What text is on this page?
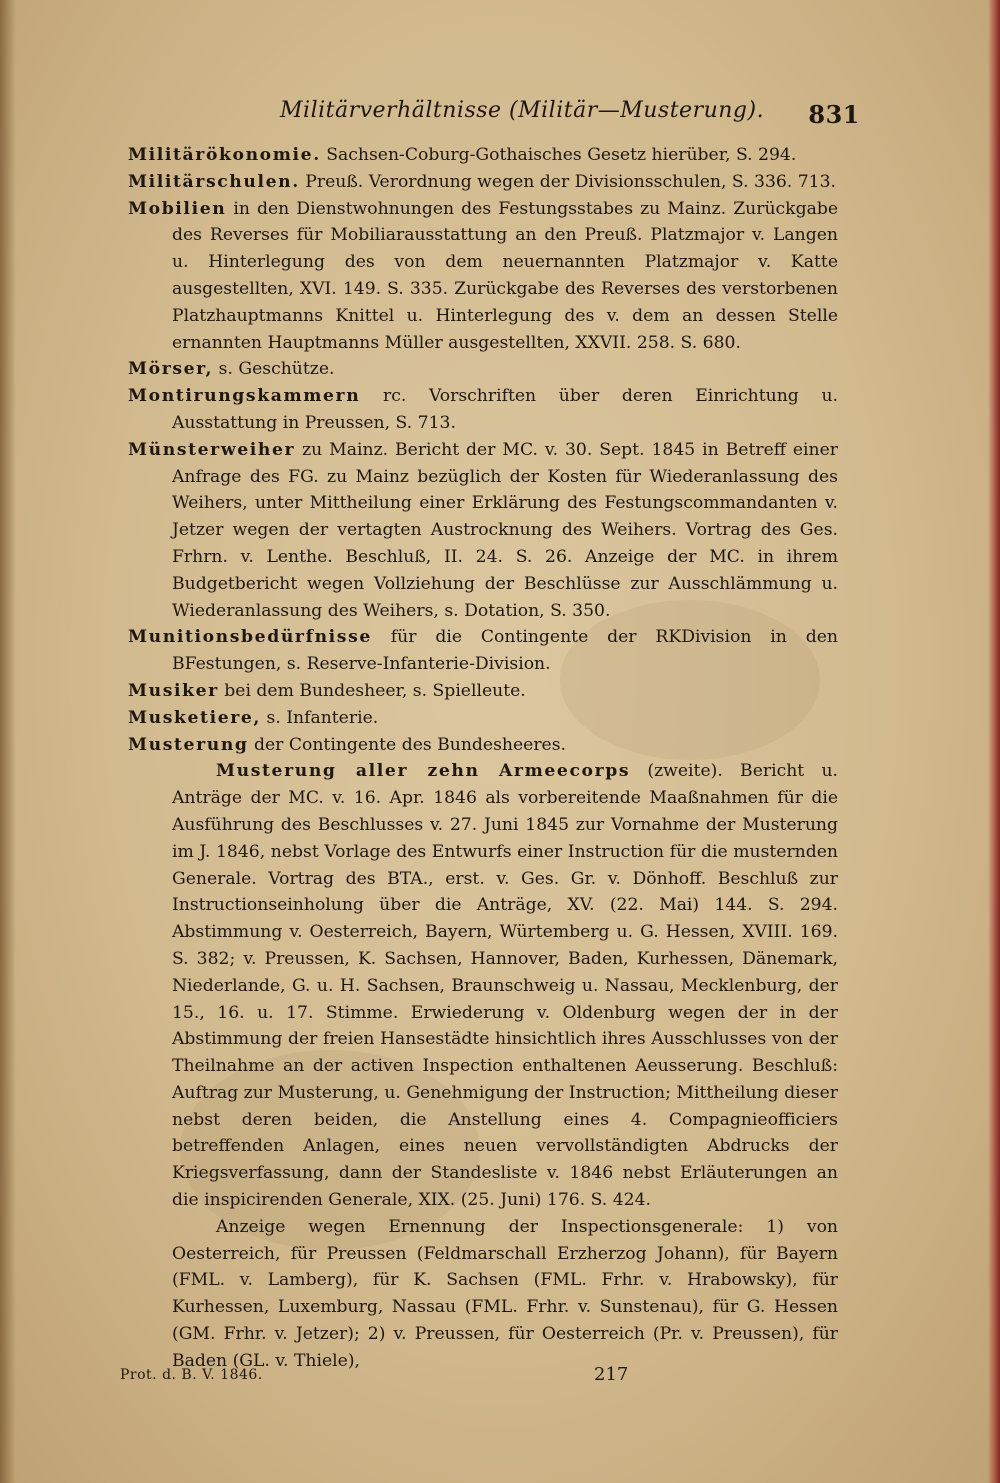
Militärverhältnisse (Militär—Musterung). 831

Militärökonomie. Sachsen-Coburg-Gothaisches Gesetz hierüber, S. 294.

Militärschulen. Preuß. Verordnung wegen der Divisionsschulen, S. 336. 713.

Mobilien in den Dienstwohnungen des Festungsstabes zu Mainz. Zurückgabe des Reverses für Mobiliarausstattung an den Preuß. Platzmajor v. Langen u. Hinterlegung des von dem neuernannten Platzmajor v. Katte ausgestellten, XVI. 149. S. 335. Zurückgabe des Reverses des verstorbenen Platzhauptmanns Knittel u. Hinterlegung des v. dem an dessen Stelle ernannten Hauptmanns Müller ausgestellten, XXVII. 258. S. 680.

Mörser, s. Geschütze.

Montirungskammern rc. Vorschriften über deren Einrichtung u. Ausstattung in Preussen, S. 713.

Münsterweiher zu Mainz. Bericht der MC. v. 30. Sept. 1845 in Betreff einer Anfrage des FG. zu Mainz bezüglich der Kosten für Wiederanlassung des Weihers, unter Mittheilung einer Erklärung des Festungscommandanten v. Jetzer wegen der vertagten Austrocknung des Weihers. Vortrag des Ges. Frhrn. v. Lenthe. Beschluß, II. 24. S. 26. Anzeige der MC. in ihrem Budgetbericht wegen Vollziehung der Beschlüsse zur Ausschlämmung u. Wiederanlassung des Weihers, s. Dotation, S. 350.

Munitionsbedürfnisse für die Contingente der RKDivision in den BFestungen, s. Reserve-Infanterie-Division.

Musiker bei dem Bundesheer, s. Spielleute.

Musketiere, s. Infanterie.

Musterung der Contingente des Bundesheeres.

Musterung aller zehn Armeecorps (zweite). Bericht u. Anträge der MC. v. 16. Apr. 1846 als vorbereitende Maaßnahmen für die Ausführung des Beschlusses v. 27. Juni 1845 zur Vornahme der Musterung im J. 1846, nebst Vorlage des Entwurfs einer Instruction für die musternden Generale. Vortrag des BTA., erst. v. Ges. Gr. v. Dönhoff. Beschluß zur Instructionseinholung über die Anträge, XV. (22. Mai) 144. S. 294. Abstimmung v. Oesterreich, Bayern, Würtemberg u. G. Hessen, XVIII. 169. S. 382; v. Preussen, K. Sachsen, Hannover, Baden, Kurhessen, Dänemark, Niederlande, G. u. H. Sachsen, Braunschweig u. Nassau, Mecklenburg, der 15., 16. u. 17. Stimme. Erwiederung v. Oldenburg wegen der in der Abstimmung der freien Hansestädte hinsichtlich ihres Ausschlusses von der Theilnahme an der activen Inspection enthaltenen Aeusserung. Beschluß: Auftrag zur Musterung, u. Genehmigung der Instruction; Mittheilung dieser nebst deren beiden, die Anstellung eines 4. Compagnieofficiers betreffenden Anlagen, eines neuen vervollständigten Abdrucks der Kriegsverfassung, dann der Standesliste v. 1846 nebst Erläuterungen an die inspicirenden Generale, XIX. (25. Juni) 176. S. 424.

Anzeige wegen Ernennung der Inspectionsgenerale: 1) von Oesterreich, für Preussen (Feldmarschall Erzherzog Johann), für Bayern (FML. v. Lamberg), für K. Sachsen (FML. Frhr. v. Hrabowsky), für Kurhessen, Luxemburg, Nassau (FML. Frhr. v. Sunstenau), für G. Hessen (GM. Frhr. v. Jetzer); 2) v. Preussen, für Oesterreich (Pr. v. Preussen), für Baden (GL. v. Thiele),

Prot. d. B. V. 1846.	217
